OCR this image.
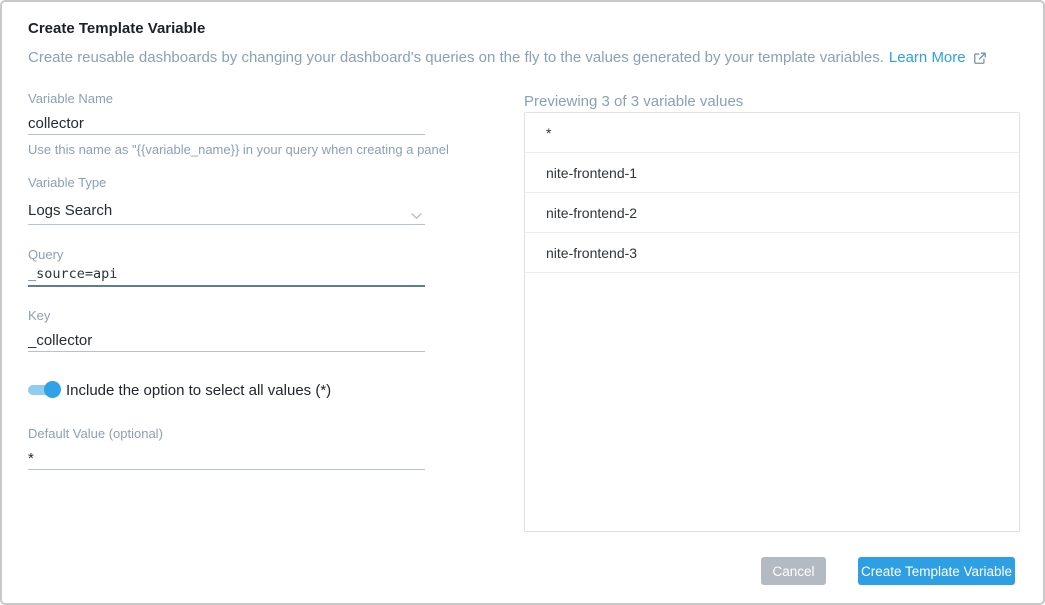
Create Template Variable
Create reusable dashboards by changing your dashboard's queries on the fly to the values generated by your template variables. Learn More
Variable Name
collector
Use this name as "{{variable_name}} in your query when creating a panel
Variable Type
Logs Search
Query
_source=api
Key
_collector
Include the option to select all values (*)
Default Value (optional)
*
Previewing 3 of 3 variable values
*
nite-frontend-1
nite-frontend-2
nite-frontend-3
Cancel	Create Template Variable
